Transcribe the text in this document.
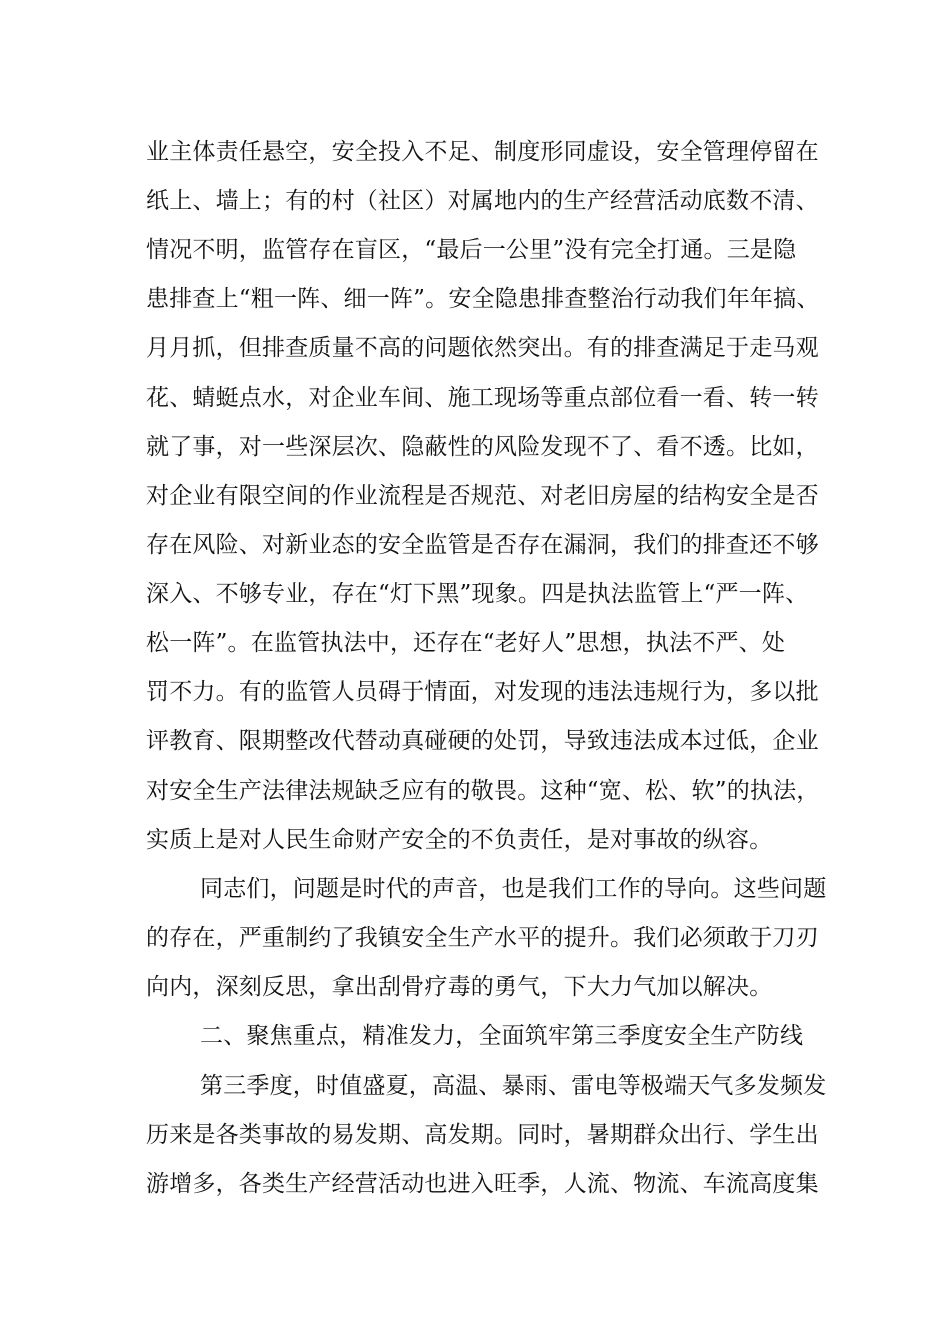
业主体责任悬空，安全投入不足、制度形同虚设，安全管理停留在
纸上、墙上；有的村（社区）对属地内的生产经营活动底数不清、
情况不明，监管存在盲区，“最后一公里”没有完全打通。三是隐
患排查上“粗一阵、细一阵”。安全隐患排查整治行动我们年年搞、
月月抓，但排查质量不高的问题依然突出。有的排查满足于走马观
花、蜻蜓点水，对企业车间、施工现场等重点部位看一看、转一转
就了事，对一些深层次、隐蔽性的风险发现不了、看不透。比如，
对企业有限空间的作业流程是否规范、对老旧房屋的结构安全是否
存在风险、对新业态的安全监管是否存在漏洞，我们的排查还不够
深入、不够专业，存在“灯下黑”现象。四是执法监管上“严一阵、
松一阵”。在监管执法中，还存在“老好人”思想，执法不严、处
罚不力。有的监管人员碍于情面，对发现的违法违规行为，多以批
评教育、限期整改代替动真碰硬的处罚，导致违法成本过低，企业
对安全生产法律法规缺乏应有的敬畏。这种“宽、松、软”的执法，
实质上是对人民生命财产安全的不负责任，是对事故的纵容。
同志们，问题是时代的声音，也是我们工作的导向。这些问题
的存在，严重制约了我镇安全生产水平的提升。我们必须敢于刀刃
向内，深刻反思，拿出刮骨疗毒的勇气，下大力气加以解决。
二、聚焦重点，精准发力，全面筑牢第三季度安全生产防线
第三季度，时值盛夏，高温、暴雨、雷电等极端天气多发频发
历来是各类事故的易发期、高发期。同时，暑期群众出行、学生出
游增多，各类生产经营活动也进入旺季，人流、物流、车流高度集
